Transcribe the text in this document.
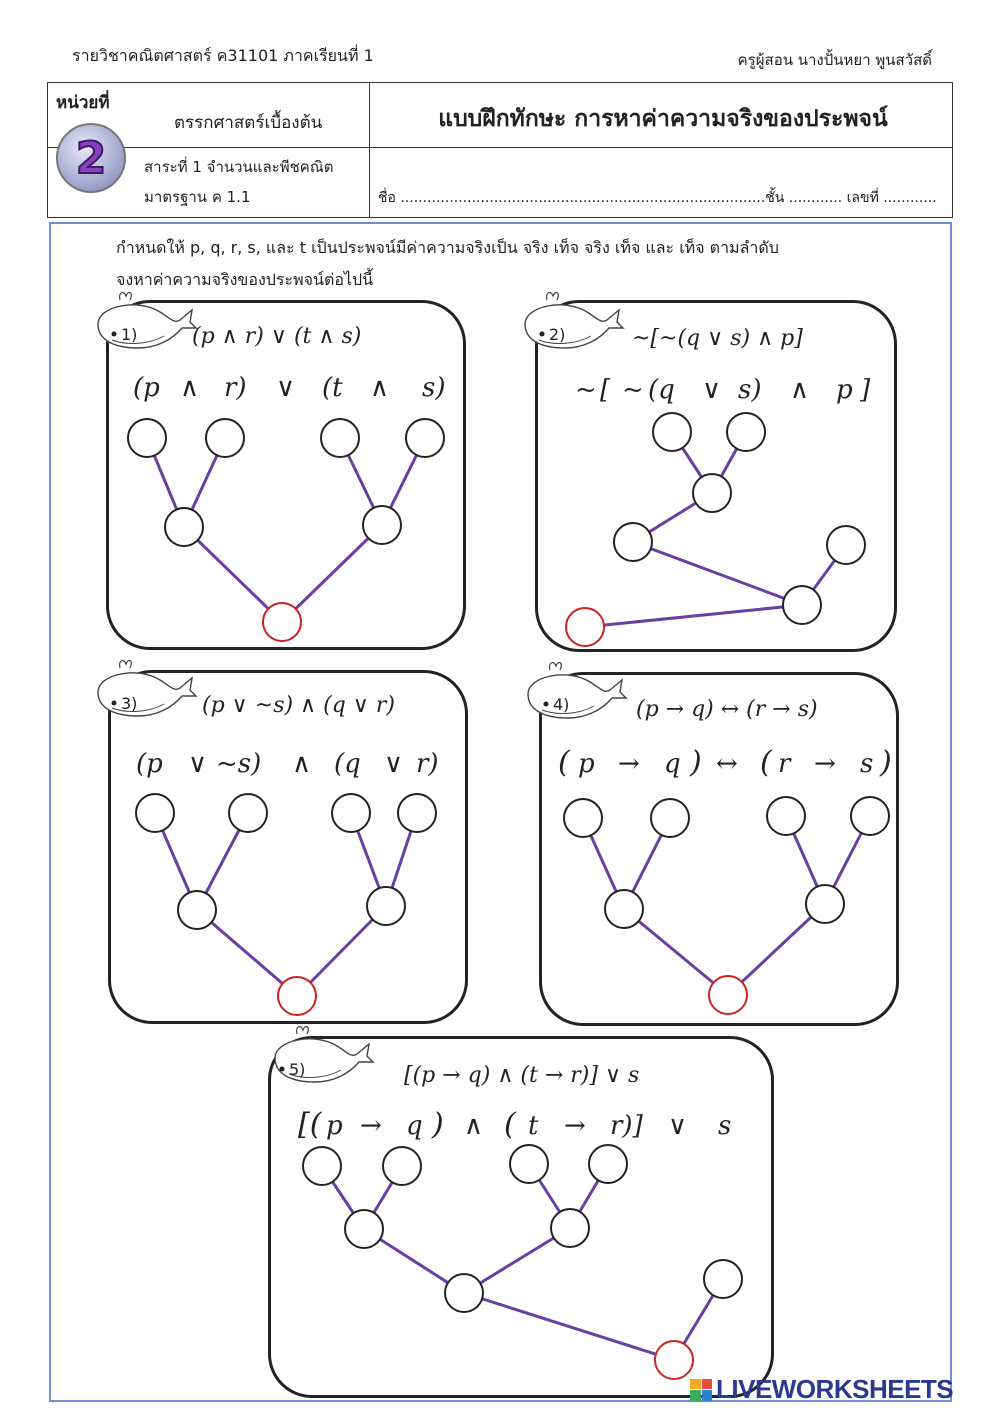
รายวิชาคณิตศาสตร์ ค31101 ภาคเรียนที่ 1	ครูผู้สอน นางปั้นหยา พูนสวัสดิ์
หน่วยที่
2
ตรรกศาสตร์เบื้องต้น
สาระที่ 1 จำนวนและพีชคณิต
มาตรฐาน ค 1.1
แบบฝึกทักษะ การหาค่าความจริงของประพจน์
ชื่อ ..................................................................................ชั้น ............ เลขที่ ............
กำหนดให้ p, q, r, s, และ t เป็นประพจน์มีค่าความจริงเป็น จริง เท็จ จริง เท็จ และ เท็จ ตามลำดับ
จงหาค่าความจริงของประพจน์ต่อไปนี้
1)	2)
3)	4)
5)
(p ∧ r) ∨ (t ∧ s)	~[~(q ∨ s) ∧ p]
(p ∨ ~s) ∧ (q ∨ r)	(p → q) ↔ (r → s)
[(p → q) ∧ (t → r)] ∨ s
(p ∧ r) ∨ (t ∧ s)	~ [ ~ (q ∨ s) ∧ p ]
(p ∨ ~s) ∧ (q ∨ r)	( p → q ) ↔ ( r → s )
[( p → q ) ∧ ( t → r)] ∨ s
LIVEWORKSHEETS
